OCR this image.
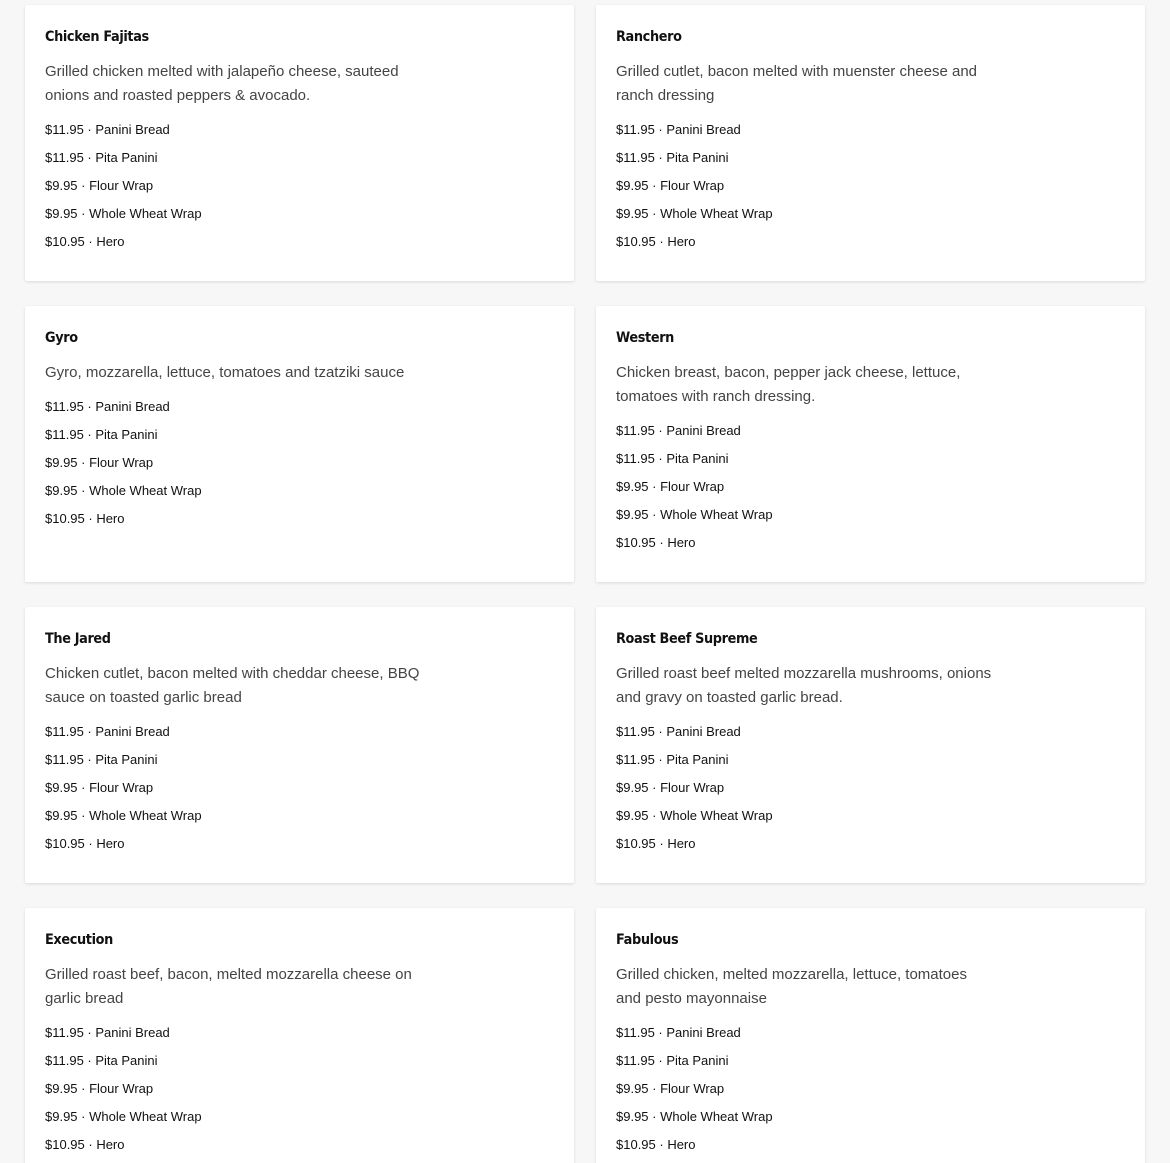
Chicken Fajitas
Grilled chicken melted with jalapeño cheese, sauteed onions and roasted peppers & avocado.
$11.95 · Panini Bread
$11.95 · Pita Panini
$9.95 · Flour Wrap
$9.95 · Whole Wheat Wrap
$10.95 · Hero
Ranchero
Grilled cutlet, bacon melted with muenster cheese and ranch dressing
$11.95 · Panini Bread
$11.95 · Pita Panini
$9.95 · Flour Wrap
$9.95 · Whole Wheat Wrap
$10.95 · Hero
Gyro
Gyro, mozzarella, lettuce, tomatoes and tzatziki sauce
$11.95 · Panini Bread
$11.95 · Pita Panini
$9.95 · Flour Wrap
$9.95 · Whole Wheat Wrap
$10.95 · Hero
Western
Chicken breast, bacon, pepper jack cheese, lettuce, tomatoes with ranch dressing.
$11.95 · Panini Bread
$11.95 · Pita Panini
$9.95 · Flour Wrap
$9.95 · Whole Wheat Wrap
$10.95 · Hero
The Jared
Chicken cutlet, bacon melted with cheddar cheese, BBQ sauce on toasted garlic bread
$11.95 · Panini Bread
$11.95 · Pita Panini
$9.95 · Flour Wrap
$9.95 · Whole Wheat Wrap
$10.95 · Hero
Roast Beef Supreme
Grilled roast beef melted mozzarella mushrooms, onions and gravy on toasted garlic bread.
$11.95 · Panini Bread
$11.95 · Pita Panini
$9.95 · Flour Wrap
$9.95 · Whole Wheat Wrap
$10.95 · Hero
Execution
Grilled roast beef, bacon, melted mozzarella cheese on garlic bread
$11.95 · Panini Bread
$11.95 · Pita Panini
$9.95 · Flour Wrap
$9.95 · Whole Wheat Wrap
$10.95 · Hero
Fabulous
Grilled chicken, melted mozzarella, lettuce, tomatoes and pesto mayonnaise
$11.95 · Panini Bread
$11.95 · Pita Panini
$9.95 · Flour Wrap
$9.95 · Whole Wheat Wrap
$10.95 · Hero
